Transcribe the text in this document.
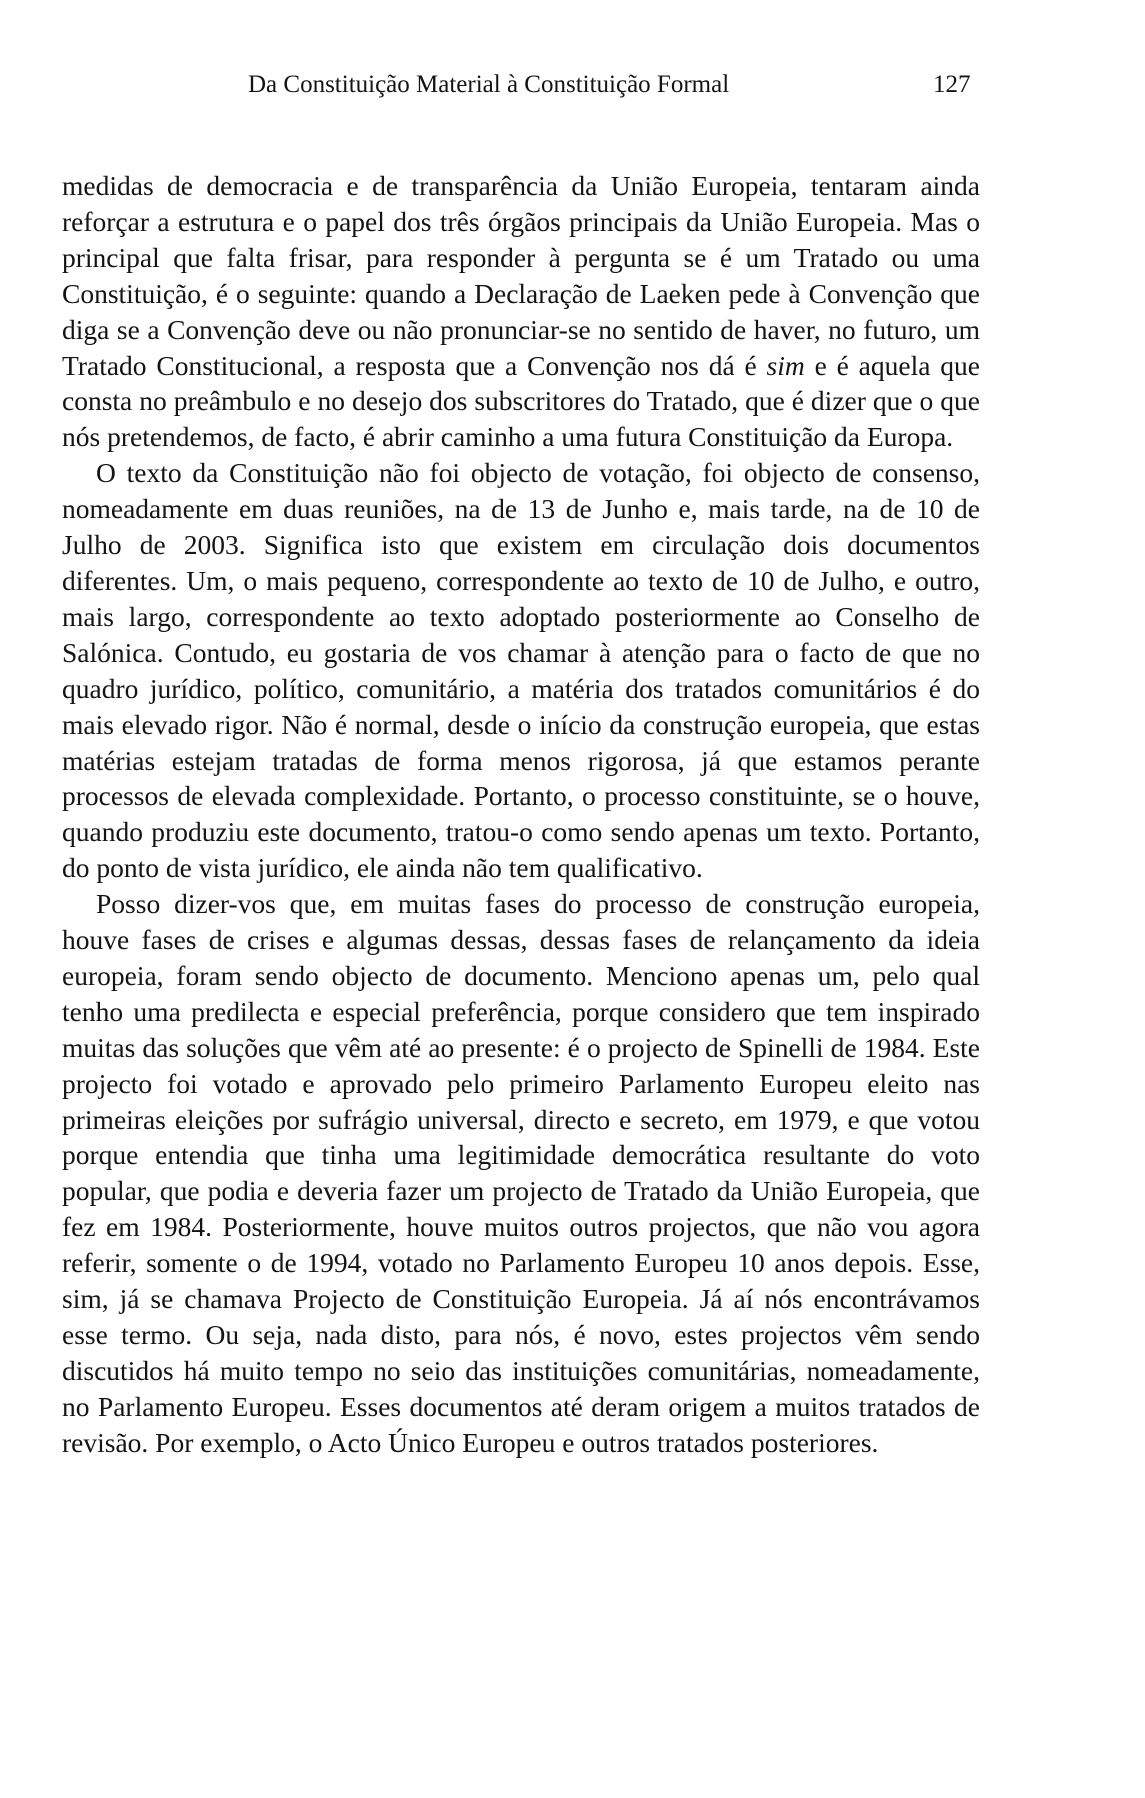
Da Constituição Material à Constituição Formal	127

medidas de democracia e de transparência da União Europeia, tentaram ainda reforçar a estrutura e o papel dos três órgãos principais da União Europeia. Mas o principal que falta frisar, para responder à pergunta se é um Tratado ou uma Constituição, é o seguinte: quando a Declaração de Laeken pede à Convenção que diga se a Convenção deve ou não pronunciar-se no sentido de haver, no futuro, um Tratado Constitucional, a resposta que a Convenção nos dá é sim e é aquela que consta no preâmbulo e no desejo dos subscritores do Tratado, que é dizer que o que nós pretendemos, de facto, é abrir caminho a uma futura Constituição da Europa.

O texto da Constituição não foi objecto de votação, foi objecto de consenso, nomeadamente em duas reuniões, na de 13 de Junho e, mais tarde, na de 10 de Julho de 2003. Significa isto que existem em circulação dois documentos diferentes. Um, o mais pequeno, correspondente ao texto de 10 de Julho, e outro, mais largo, correspondente ao texto adoptado posteriormente ao Conselho de Salónica. Contudo, eu gostaria de vos chamar à atenção para o facto de que no quadro jurídico, político, comunitário, a matéria dos tratados comunitários é do mais elevado rigor. Não é normal, desde o início da construção europeia, que estas matérias estejam tratadas de forma menos rigorosa, já que estamos perante processos de elevada complexidade. Portanto, o processo constituinte, se o houve, quando produziu este documento, tratou-o como sendo apenas um texto. Portanto, do ponto de vista jurídico, ele ainda não tem qualificativo.

Posso dizer-vos que, em muitas fases do processo de construção europeia, houve fases de crises e algumas dessas, dessas fases de relançamento da ideia europeia, foram sendo objecto de documento. Menciono apenas um, pelo qual tenho uma predilecta e especial preferência, porque considero que tem inspirado muitas das soluções que vêm até ao presente: é o projecto de Spinelli de 1984. Este projecto foi votado e aprovado pelo primeiro Parlamento Europeu eleito nas primeiras eleições por sufrágio universal, directo e secreto, em 1979, e que votou porque entendia que tinha uma legitimidade democrática resultante do voto popular, que podia e deveria fazer um projecto de Tratado da União Europeia, que fez em 1984. Posteriormente, houve muitos outros projectos, que não vou agora referir, somente o de 1994, votado no Parlamento Europeu 10 anos depois. Esse, sim, já se chamava Projecto de Constituição Europeia. Já aí nós encontrávamos esse termo. Ou seja, nada disto, para nós, é novo, estes projectos vêm sendo discutidos há muito tempo no seio das instituições comunitárias, nomeadamente, no Parlamento Europeu. Esses documentos até deram origem a muitos tratados de revisão. Por exemplo, o Acto Único Europeu e outros tratados posteriores.
